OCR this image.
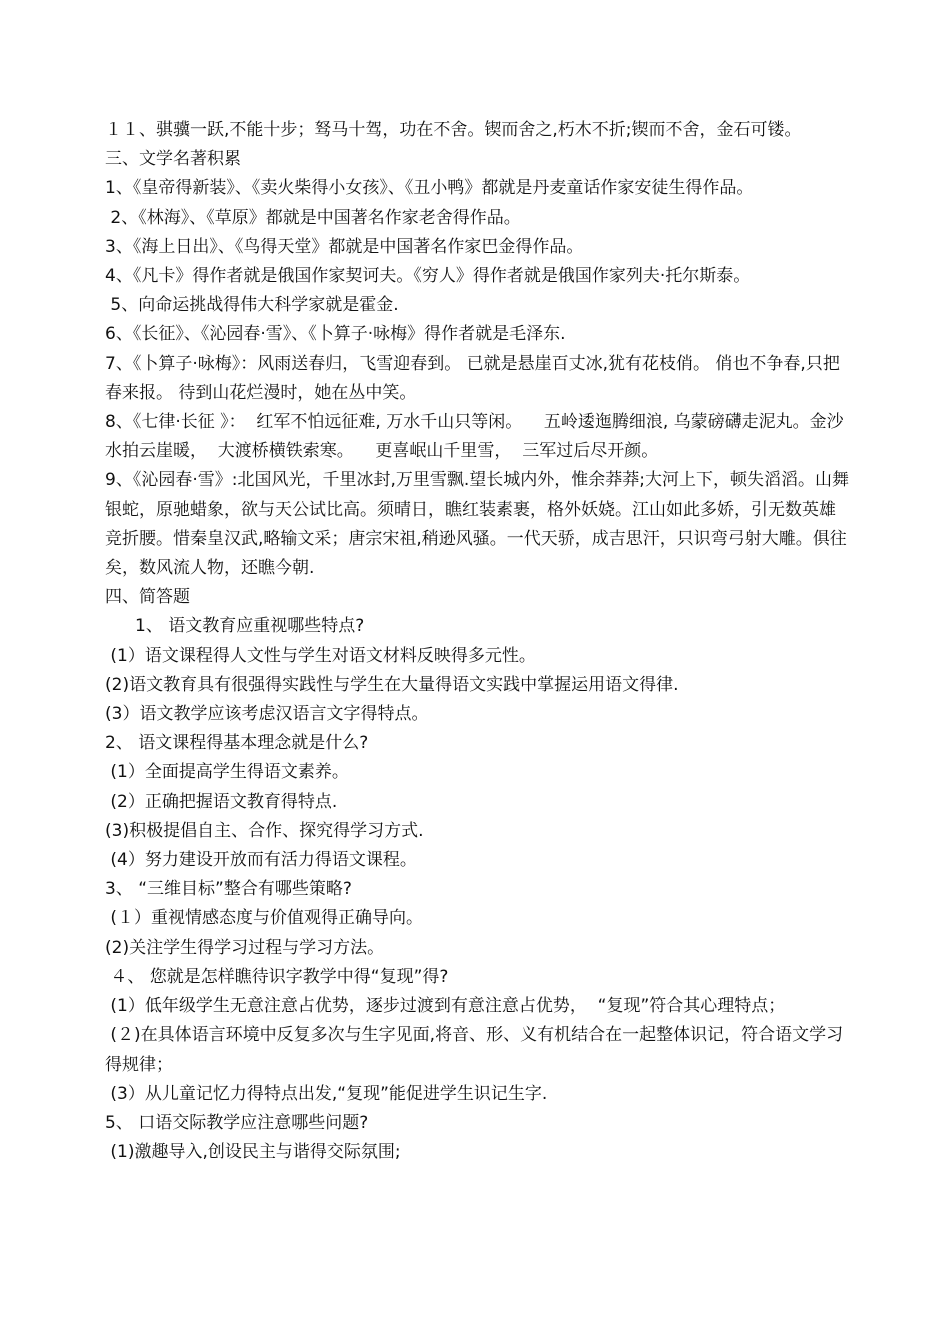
１１、骐骥一跃,不能十步；驽马十驾，功在不舍。锲而舍之,朽木不折;锲而不舍，金石可镂。

三、文学名著积累

1、《皇帝得新装》、《卖火柴得小女孩》、《丑小鸭》都就是丹麦童话作家安徒生得作品。

2、《林海》、《草原》都就是中国著名作家老舍得作品。

3、《海上日出》、《鸟得天堂》都就是中国著名作家巴金得作品。

4、《凡卡》得作者就是俄国作家契诃夫。《穷人》得作者就是俄国作家列夫·托尔斯泰。

5、向命运挑战得伟大科学家就是霍金.

6、《长征》、《沁园春·雪》、《卜算子·咏梅》得作者就是毛泽东.

7、《卜算子·咏梅》：风雨送春归，飞雪迎春到。 已就是悬崖百丈冰,犹有花枝俏。 俏也不争春,只把春来报。 待到山花烂漫时，她在丛中笑。

8、《七律·长征 》：  红军不怕远征难, 万水千山只等闲。    五岭逶迤腾细浪, 乌蒙磅礴走泥丸。金沙水拍云崖暖，  大渡桥横铁索寒。    更喜岷山千里雪，  三军过后尽开颜。

9、《沁园春·雪》:北国风光，千里冰封,万里雪飘.望长城内外，惟余莽莽;大河上下，顿失滔滔。山舞银蛇，原驰蜡象，欲与天公试比高。须晴日，瞧红装素裹，格外妖娆。江山如此多娇，引无数英雄竞折腰。惜秦皇汉武,略输文采；唐宗宋祖,稍逊风骚。一代天骄，成吉思汗，只识弯弓射大雕。俱往矣，数风流人物，还瞧今朝.

四、简答题

1、 语文教育应重视哪些特点?

(1）语文课程得人文性与学生对语文材料反映得多元性。

(2)语文教育具有很强得实践性与学生在大量得语文实践中掌握运用语文得律.

(3）语文教学应该考虑汉语言文字得特点。

2、 语文课程得基本理念就是什么?

(1）全面提高学生得语文素养。

(2）正确把握语文教育得特点.

(3)积极提倡自主、合作、探究得学习方式.

(4）努力建设开放而有活力得语文课程。

3、 “三维目标”整合有哪些策略?

(１）重视情感态度与价值观得正确导向。

(2)关注学生得学习过程与学习方法。

４、 您就是怎样瞧待识字教学中得“复现”得?

(1）低年级学生无意注意占优势，逐步过渡到有意注意占优势，  “复现”符合其心理特点；

(２)在具体语言环境中反复多次与生字见面,将音、形、义有机结合在一起整体识记，符合语文学习得规律；

(3）从儿童记忆力得特点出发,“复现”能促进学生识记生字.

5、 口语交际教学应注意哪些问题?

(1)激趣导入,创设民主与谐得交际氛围;
